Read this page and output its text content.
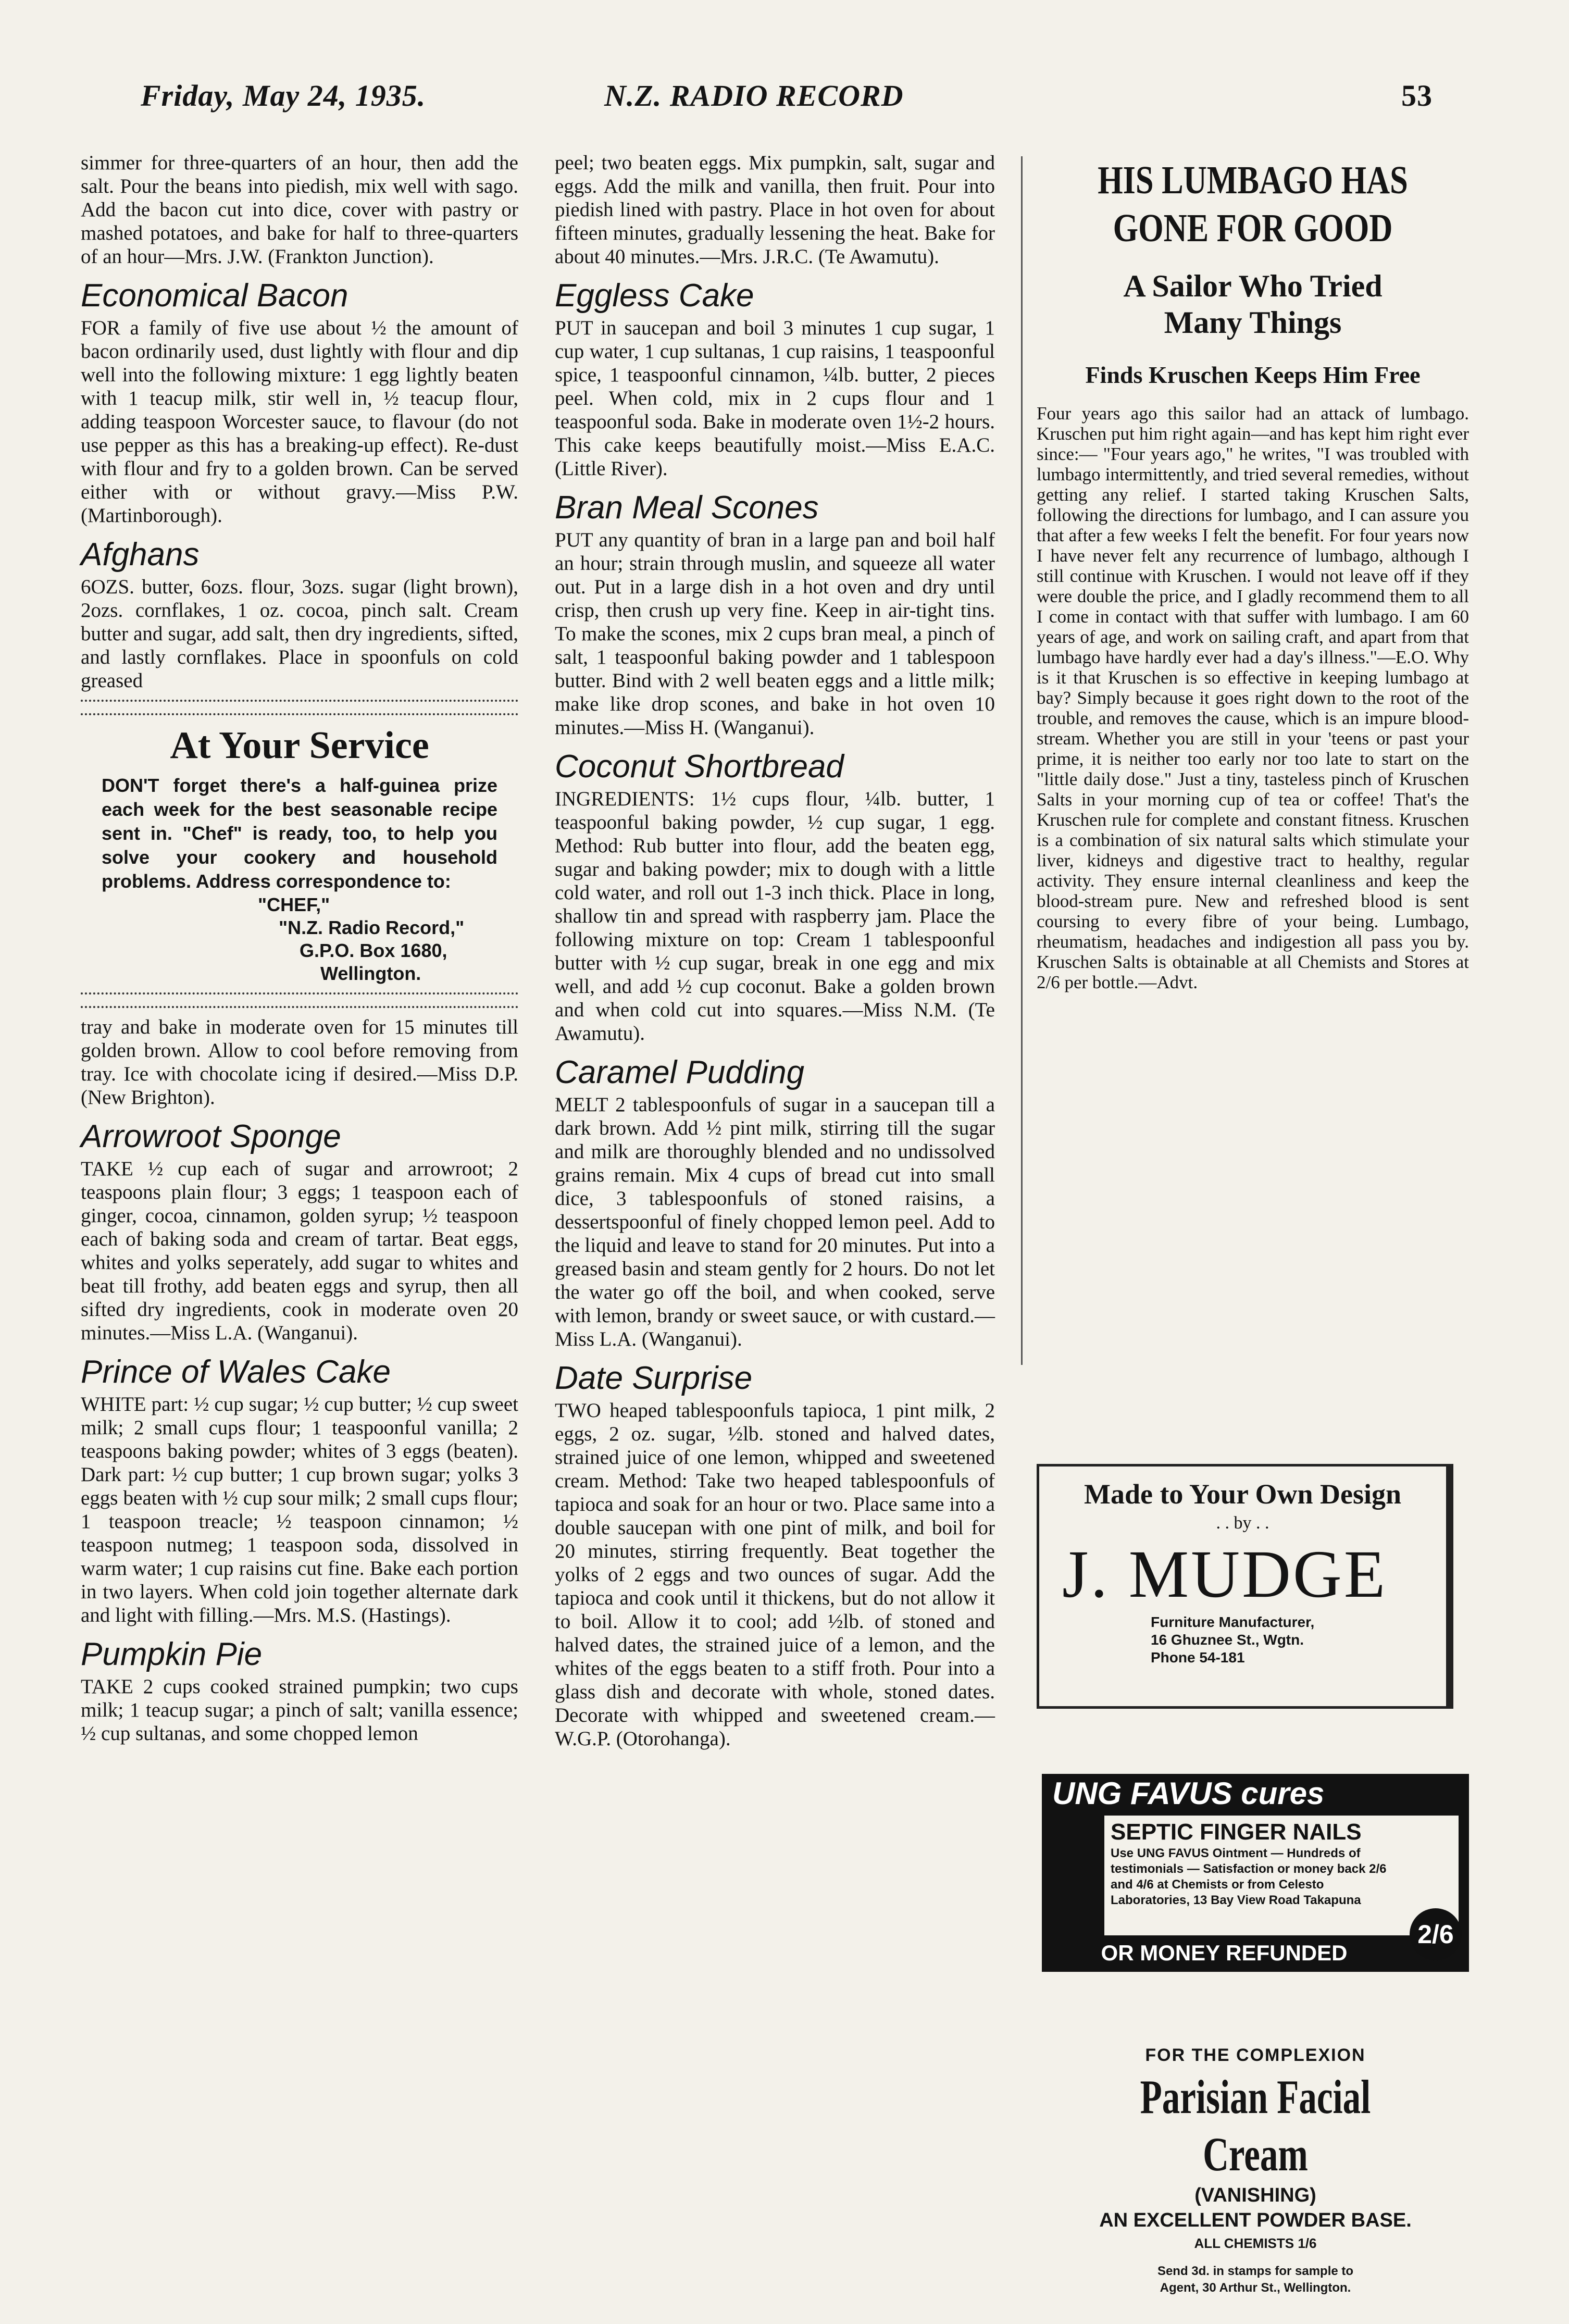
Friday, May 24, 1935.	N.Z. RADIO RECORD	53

simmer for three-quarters of an hour, then add the salt. Pour the beans into piedish, mix well with sago. Add the bacon cut into dice, cover with pastry or mashed potatoes, and bake for half to three-quarters of an hour—Mrs. J.W. (Frankton Junction).

Economical Bacon

FOR a family of five use about ½ the amount of bacon ordinarily used, dust lightly with flour and dip well into the following mixture: 1 egg lightly beaten with 1 teacup milk, stir well in, ½ teacup flour, adding teaspoon Worcester sauce, to flavour (do not use pepper as this has a breaking-up effect). Re-dust with flour and fry to a golden brown. Can be served either with or without gravy.—Miss P.W. (Martinborough).

Afghans

6OZS. butter, 6ozs. flour, 3ozs. sugar (light brown), 2ozs. cornflakes, 1 oz. cocoa, pinch salt. Cream butter and sugar, add salt, then dry ingredients, sifted, and lastly cornflakes. Place in spoonfuls on cold greased

At Your Service

DON'T forget there's a half-guinea prize each week for the best seasonable recipe sent in. "Chef" is ready, too, to help you solve your cookery and household problems. Address correspondence to:

"CHEF,"
"N.Z. Radio Record,"
G.P.O. Box 1680,
Wellington.

tray and bake in moderate oven for 15 minutes till golden brown. Allow to cool before removing from tray. Ice with chocolate icing if desired.—Miss D.P. (New Brighton).

Arrowroot Sponge

TAKE ½ cup each of sugar and arrowroot; 2 teaspoons plain flour; 3 eggs; 1 teaspoon each of ginger, cocoa, cinnamon, golden syrup; ½ teaspoon each of baking soda and cream of tartar. Beat eggs, whites and yolks seperately, add sugar to whites and beat till frothy, add beaten eggs and syrup, then all sifted dry ingredients, cook in moderate oven 20 minutes.—Miss L.A. (Wanganui).

Prince of Wales Cake

WHITE part: ½ cup sugar; ½ cup butter; ½ cup sweet milk; 2 small cups flour; 1 teaspoonful vanilla; 2 teaspoons baking powder; whites of 3 eggs (beaten). Dark part: ½ cup butter; 1 cup brown sugar; yolks 3 eggs beaten with ½ cup sour milk; 2 small cups flour; 1 teaspoon treacle; ½ teaspoon cinnamon; ½ teaspoon nutmeg; 1 teaspoon soda, dissolved in warm water; 1 cup raisins cut fine. Bake each portion in two layers. When cold join together alternate dark and light with filling.—Mrs. M.S. (Hastings).

Pumpkin Pie

TAKE 2 cups cooked strained pumpkin; two cups milk; 1 teacup sugar; a pinch of salt; vanilla essence; ½ cup sultanas, and some chopped lemon

peel; two beaten eggs. Mix pumpkin, salt, sugar and eggs. Add the milk and vanilla, then fruit. Pour into piedish lined with pastry. Place in hot oven for about fifteen minutes, gradually lessening the heat. Bake for about 40 minutes.—Mrs. J.R.C. (Te Awamutu).

Eggless Cake

PUT in saucepan and boil 3 minutes 1 cup sugar, 1 cup water, 1 cup sultanas, 1 cup raisins, 1 teaspoonful spice, 1 teaspoonful cinnamon, ¼lb. butter, 2 pieces peel. When cold, mix in 2 cups flour and 1 teaspoonful soda. Bake in moderate oven 1½-2 hours. This cake keeps beautifully moist.—Miss E.A.C. (Little River).

Bran Meal Scones

PUT any quantity of bran in a large pan and boil half an hour; strain through muslin, and squeeze all water out. Put in a large dish in a hot oven and dry until crisp, then crush up very fine. Keep in air-tight tins. To make the scones, mix 2 cups bran meal, a pinch of salt, 1 teaspoonful baking powder and 1 tablespoon butter. Bind with 2 well beaten eggs and a little milk; make like drop scones, and bake in hot oven 10 minutes.—Miss H. (Wanganui).

Coconut Shortbread

INGREDIENTS: 1½ cups flour, ¼lb. butter, 1 teaspoonful baking powder, ½ cup sugar, 1 egg. Method: Rub butter into flour, add the beaten egg, sugar and baking powder; mix to dough with a little cold water, and roll out 1-3 inch thick. Place in long, shallow tin and spread with raspberry jam. Place the following mixture on top: Cream 1 tablespoonful butter with ½ cup sugar, break in one egg and mix well, and add ½ cup coconut. Bake a golden brown and when cold cut into squares.—Miss N.M. (Te Awamutu).

Caramel Pudding

MELT 2 tablespoonfuls of sugar in a saucepan till a dark brown. Add ½ pint milk, stirring till the sugar and milk are thoroughly blended and no undissolved grains remain. Mix 4 cups of bread cut into small dice, 3 tablespoonfuls of stoned raisins, a dessertspoonful of finely chopped lemon peel. Add to the liquid and leave to stand for 20 minutes. Put into a greased basin and steam gently for 2 hours. Do not let the water go off the boil, and when cooked, serve with lemon, brandy or sweet sauce, or with custard.—Miss L.A. (Wanganui).

Date Surprise

TWO heaped tablespoonfuls tapioca, 1 pint milk, 2 eggs, 2 oz. sugar, ½lb. stoned and halved dates, strained juice of one lemon, whipped and sweetened cream. Method: Take two heaped tablespoonfuls of tapioca and soak for an hour or two. Place same into a double saucepan with one pint of milk, and boil for 20 minutes, stirring frequently. Beat together the yolks of 2 eggs and two ounces of sugar. Add the tapioca and cook until it thickens, but do not allow it to boil. Allow it to cool; add ½lb. of stoned and halved dates, the strained juice of a lemon, and the whites of the eggs beaten to a stiff froth. Pour into a glass dish and decorate with whole, stoned dates. Decorate with whipped and sweetened cream.—W.G.P. (Otorohanga).

HIS LUMBAGO HAS
GONE FOR GOOD
A Sailor Who Tried
Many Things
Finds Kruschen Keeps Him Free

Four years ago this sailor had an attack of lumbago. Kruschen put him right again—and has kept him right ever since:— "Four years ago," he writes, "I was troubled with lumbago intermittently, and tried several remedies, without getting any relief. I started taking Kruschen Salts, following the directions for lumbago, and I can assure you that after a few weeks I felt the benefit. For four years now I have never felt any recurrence of lumbago, although I still continue with Kruschen. I would not leave off if they were double the price, and I gladly recommend them to all I come in contact with that suffer with lumbago. I am 60 years of age, and work on sailing craft, and apart from that lumbago have hardly ever had a day's illness."—E.O. Why is it that Kruschen is so effective in keeping lumbago at bay? Simply because it goes right down to the root of the trouble, and removes the cause, which is an impure blood-stream. Whether you are still in your 'teens or past your prime, it is neither too early nor too late to start on the "little daily dose." Just a tiny, tasteless pinch of Kruschen Salts in your morning cup of tea or coffee! That's the Kruschen rule for complete and constant fitness. Kruschen is a combination of six natural salts which stimulate your liver, kidneys and digestive tract to healthy, regular activity. They ensure internal cleanliness and keep the blood-stream pure. New and refreshed blood is sent coursing to every fibre of your being. Lumbago, rheumatism, headaches and indigestion all pass you by. Kruschen Salts is obtainable at all Chemists and Stores at 2/6 per bottle.—Advt.

Made to Your Own Design
. . by . .
J. MUDGE
Furniture Manufacturer,
16 Ghuznee St., Wgtn.
Phone 54-181
UNG FAVUS cures
SEPTIC FINGER NAILS
Use UNG FAVUS Ointment — Hundreds of testimonials — Satisfaction or money back 2/6 and 4/6 at Chemists or from Celesto Laboratories, 13 Bay View Road Takapuna
2/6
OR MONEY REFUNDED
FOR THE COMPLEXION
Parisian Facial Cream
(VANISHING)
AN EXCELLENT POWDER BASE.
ALL CHEMISTS 1/6
Send 3d. in stamps for sample to
Agent, 30 Arthur St., Wellington.
